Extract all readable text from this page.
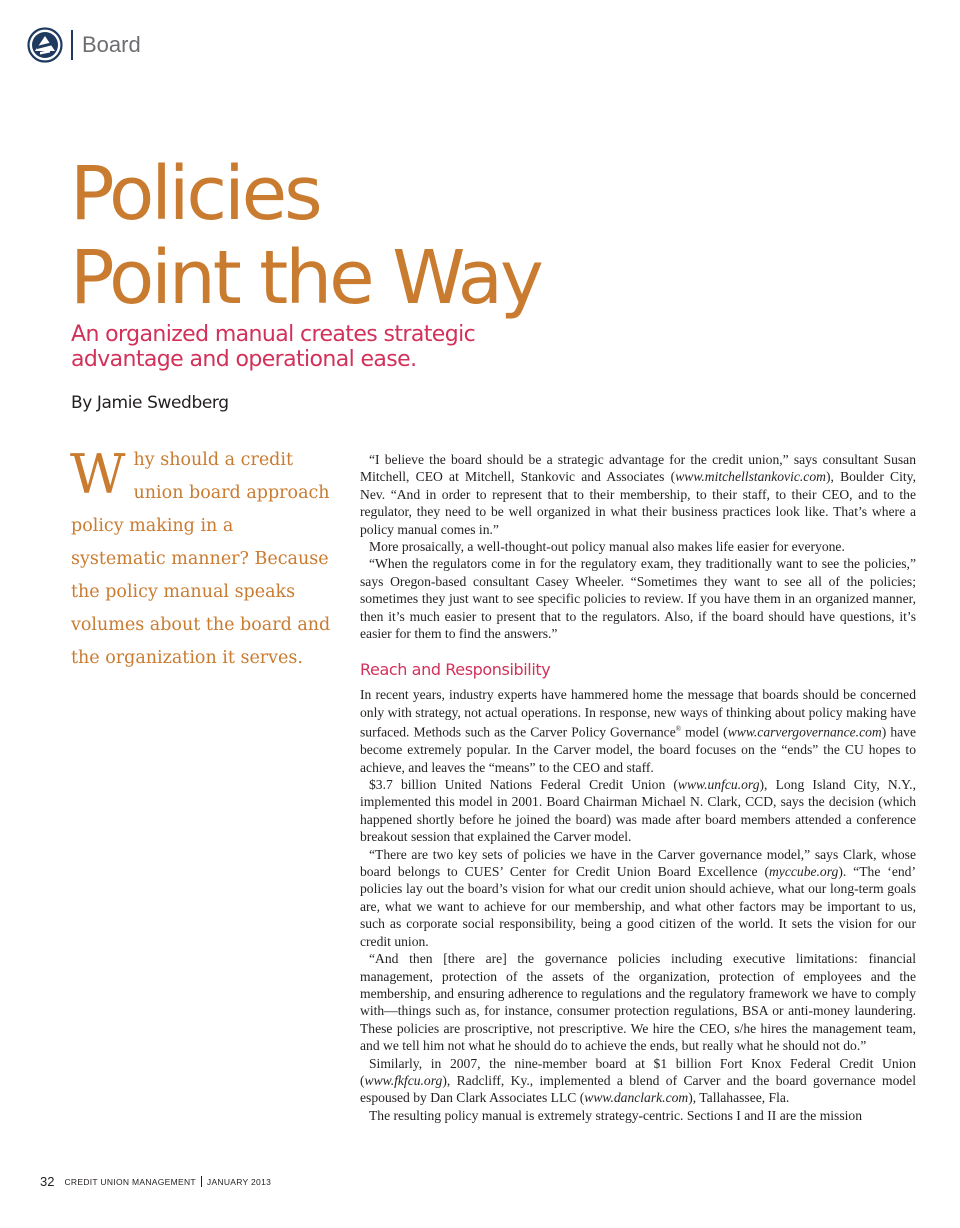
Board
Policies
Point the Way
An organized manual creates strategic advantage and operational ease.
By Jamie Swedberg

Why should a credit union board approach policy making in a systematic manner? Because the policy manual speaks volumes about the board and the organization it serves.

“I believe the board should be a strategic advantage for the credit union,” says consultant Susan Mitchell, CEO at Mitchell, Stankovic and Associates (www.mitchellstankovic.com), Boulder City, Nev. “And in order to represent that to their membership, to their staff, to their CEO, and to the regulator, they need to be well organized in what their business practices look like. That’s where a policy manual comes in.”

More prosaically, a well-thought-out policy manual also makes life easier for everyone.

“When the regulators come in for the regulatory exam, they traditionally want to see the policies,” says Oregon-based consultant Casey Wheeler. “Sometimes they want to see all of the policies; sometimes they just want to see specific policies to review. If you have them in an organized manner, then it’s much easier to present that to the regulators. Also, if the board should have questions, it’s easier for them to find the answers.”

Reach and Responsibility

In recent years, industry experts have hammered home the message that boards should be concerned only with strategy, not actual operations. In response, new ways of thinking about policy making have surfaced. Methods such as the Carver Policy Governance® model (www.carvergovernance.com) have become extremely popular. In the Carver model, the board focuses on the “ends” the CU hopes to achieve, and leaves the “means” to the CEO and staff.

$3.7 billion United Nations Federal Credit Union (www.unfcu.org), Long Island City, N.Y., implemented this model in 2001. Board Chairman Michael N. Clark, CCD, says the decision (which happened shortly before he joined the board) was made after board members attended a conference breakout session that explained the Carver model.

“There are two key sets of policies we have in the Carver governance model,” says Clark, whose board belongs to CUES’ Center for Credit Union Board Excellence (myccube.org). “The ‘end’ policies lay out the board’s vision for what our credit union should achieve, what our long-term goals are, what we want to achieve for our membership, and what other factors may be important to us, such as corporate social responsibility, being a good citizen of the world. It sets the vision for our credit union.

“And then [there are] the governance policies including executive limitations: financial management, protection of the assets of the organization, protection of employees and the membership, and ensuring adherence to regulations and the regulatory framework we have to comply with—things such as, for instance, consumer protection regulations, BSA or anti-money laundering. These policies are proscriptive, not prescriptive. We hire the CEO, s/he hires the management team, and we tell him not what he should do to achieve the ends, but really what he should not do.”

Similarly, in 2007, the nine-member board at $1 billion Fort Knox Federal Credit Union (www.fkfcu.org), Radcliff, Ky., implemented a blend of Carver and the board governance model espoused by Dan Clark Associates LLC (www.danclark.com), Tallahassee, Fla.

The resulting policy manual is extremely strategy-centric. Sections I and II are the mission

32 CREDIT UNION MANAGEMENT JANUARY 2013
